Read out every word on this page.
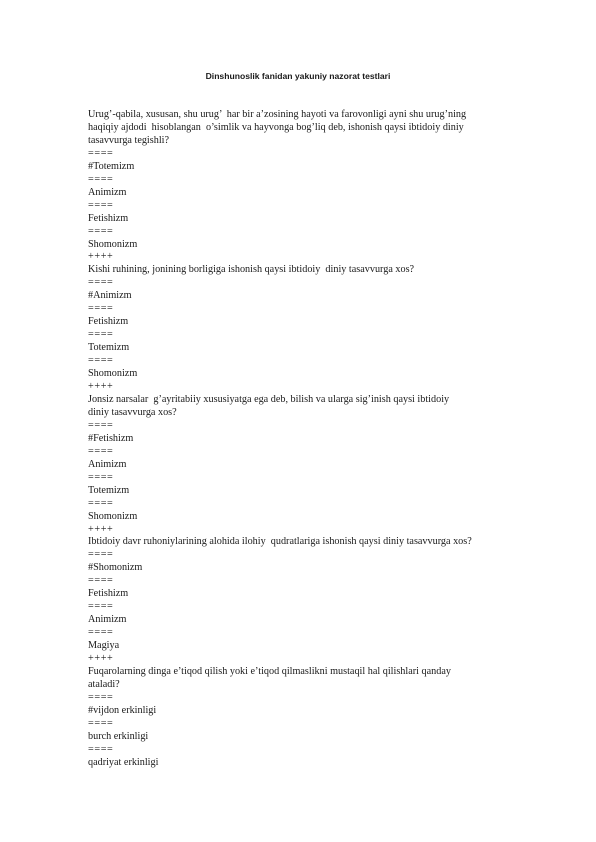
Dinshunoslik fanidan yakuniy nazorat testlari
Urug’-qabila, xususan, shu urug’  har bir a’zosining hayoti va farovonligi ayni shu urug’ning
haqiqiy ajdodi  hisoblangan  o’simlik va hayvonga bog’liq deb, ishonish qaysi ibtidoiy diniy
tasavvurga tegishli?
====
#Totemizm
====
Animizm
====
Fetishizm
====
Shomonizm
++++
Kishi ruhining, jonining borligiga ishonish qaysi ibtidoiy  diniy tasavvurga xos?
====
#Animizm
====
Fetishizm
====
Totemizm
====
Shomonizm
++++
Jonsiz narsalar  g’ayritabiiy xususiyatga ega deb, bilish va ularga sig’inish qaysi ibtidoiy
diniy tasavvurga xos?
====
#Fetishizm
====
Animizm
====
Totemizm
====
Shomonizm
++++
Ibtidoiy davr ruhoniylarining alohida ilohiy  qudratlariga ishonish qaysi diniy tasavvurga xos?
====
#Shomonizm
====
Fetishizm
====
Animizm
====
Magiya
++++
Fuqarolarning dinga e’tiqod qilish yoki e’tiqod qilmaslikni mustaqil hal qilishlari qanday
ataladi?
====
#vijdon erkinligi
====
burch erkinligi
====
qadriyat erkinligi
